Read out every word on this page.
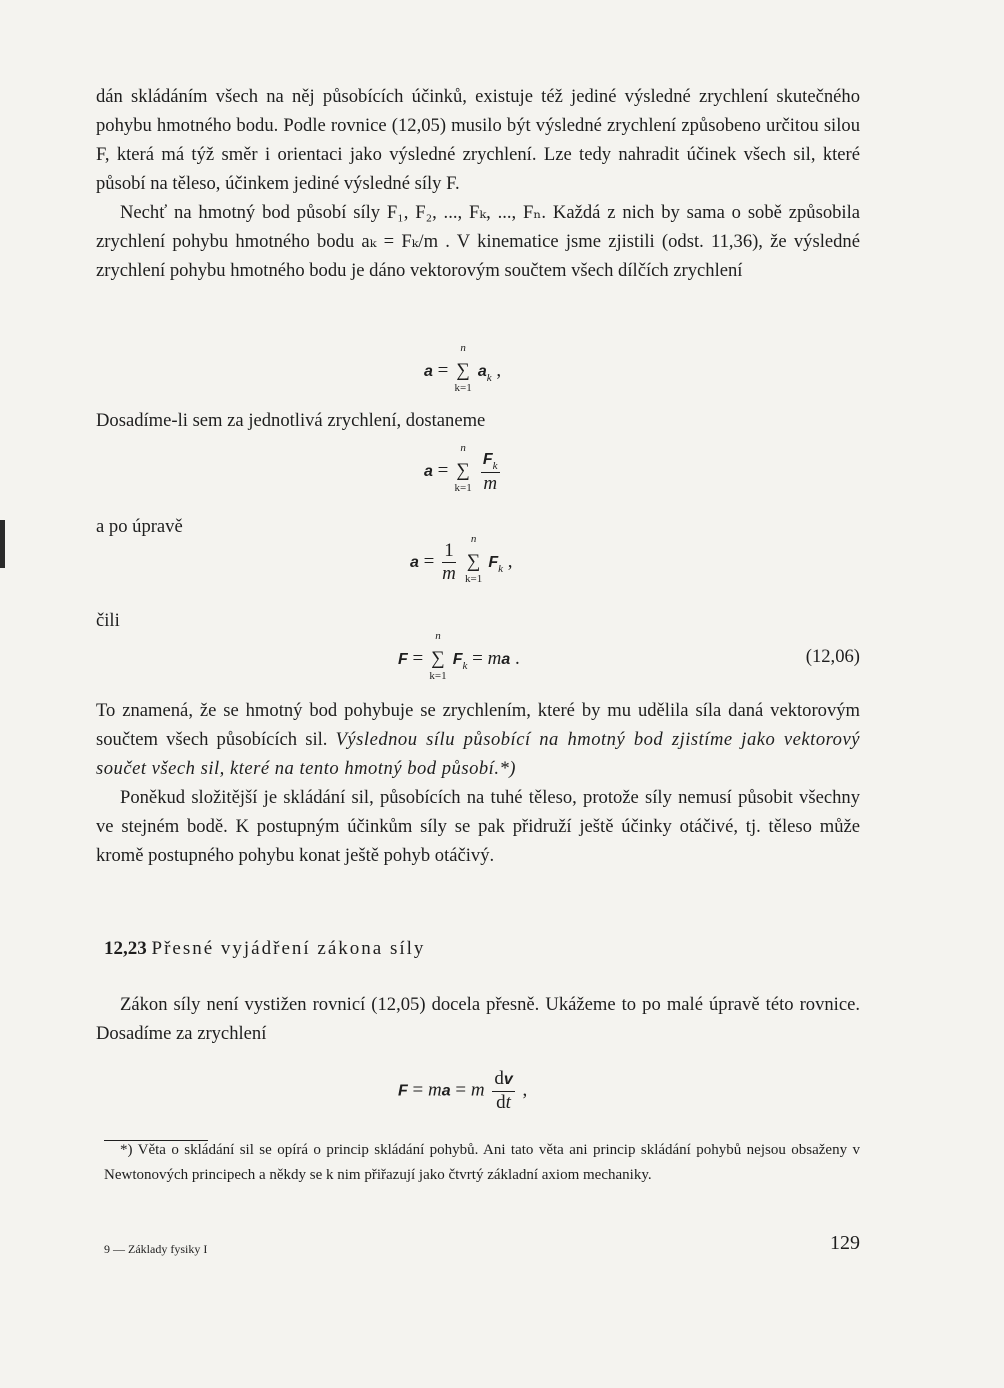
dán skládáním všech na něj působících účinků, existuje též jediné výsledné zrychlení skutečného pohybu hmotného bodu. Podle rovnice (12,05) musilo být výsledné zrychlení způsobeno určitou silou F, která má týž směr i orientaci jako výsledné zrychlení. Lze tedy nahradit účinek všech sil, které působí na těleso, účinkem jediné výsledné síly F.

Nechť na hmotný bod působí síly F₁, F₂, ..., Fₖ, ..., Fₙ. Každá z nich by sama o sobě způsobila zrychlení pohybu hmotného bodu aₖ = Fₖ/m . V kinematice jsme zjistili (odst. 11,36), že výsledné zrychlení pohybu hmotného bodu je dáno vektorovým součtem všech dílčích zrychlení

a = ∑
n
k=1
$a_k$ ,
Dosadíme-li sem za jednotlivá zrychlení, dostaneme
a = ∑
n
k=1
$\frac{F_k}{m}$
a po úpravě
$a = \frac{1}{m}$ ∑
n
k=1
$F_k$ ,
čili
F = ∑
n
k=1
$F_k$ = ma .	(12,06)

To znamená, že se hmotný bod pohybuje se zrychlením, které by mu udělila síla daná vektorovým součtem všech působících sil. Výslednou sílu působící na hmotný bod zjistíme jako vektorový součet všech sil, které na tento hmotný bod působí.*)

Poněkud složitější je skládání sil, působících na tuhé těleso, protože síly nemusí působit všechny ve stejném bodě. K postupným účinkům síly se pak přidruží ještě účinky otáčivé, tj. těleso může kromě postupného pohybu konat ještě pohyb otáčivý.

12,23 Přesné vyjádření zákona síly

Zákon síly není vystižen rovnicí (12,05) docela přesně. Ukážeme to po malé úpravě této rovnice. Dosadíme za zrychlení

F = ma = m $\frac{dv}{dt}$ ,
*) Věta o skládání sil se opírá o princip skládání pohybů. Ani tato věta ani princip skládání pohybů nejsou obsaženy v Newtonových principech a někdy se k nim přiřazují jako čtvrtý základní axiom mechaniky.
9 — Základy fysiky I	129
